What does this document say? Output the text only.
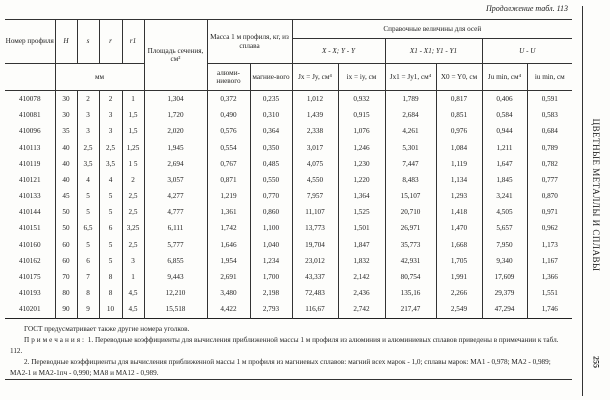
Продолжение табл. 113
Номер профиля	H	s	r	r1	Площадь сечения, см²	Масса 1 м профиля, кг, из сплава		Справочные величины для осей					
								X - X; Y - Y		X1 - X1; Y1 - Y1		U - U	
	мм					алюми-ниевого	магние-вого	Jx = Jy, см⁴	ix = iy, см	Jx1 = Jy1, см⁴	X0 = Y0, см	Ju min, см⁴	iu min, см
410078	30	2	2	1	1,304	0,372	0,235	1,012	0,932	1,789	0,817	0,406	0,591
410081	30	3	3	1,5	1,720	0,490	0,310	1,439	0,915	2,684	0,851	0,584	0,583
410096	35	3	3	1,5	2,020	0,576	0,364	2,338	1,076	4,261	0,976	0,944	0,684
410113	40	2,5	2,5	1,25	1,945	0,554	0,350	3,017	1,246	5,301	1,084	1,211	0,789
410119	40	3,5	3,5	1 5	2,694	0,767	0,485	4,075	1,230	7,447	1,119	1,647	0,782
410121	40	4	4	2	3,057	0,871	0,550	4,550	1,220	8,483	1,134	1,845	0,777
410133	45	5	5	2,5	4,277	1,219	0,770	7,957	1,364	15,107	1,293	3,241	0,870
410144	50	5	5	2,5	4,777	1,361	0,860	11,107	1,525	20,710	1,418	4,505	0,971
410151	50	6,5	6	3,25	6,111	1,742	1,100	13,773	1,501	26,971	1,470	5,657	0,962
410160	60	5	5	2,5	5,777	1,646	1,040	19,704	1,847	35,773	1,668	7,950	1,173
410162	60	6	5	3	6,855	1,954	1,234	23,012	1,832	42,931	1,705	9,340	1,167
410175	70	7	8	1	9,443	2,691	1,700	43,337	2,142	80,754	1,991	17,609	1,366
410193	80	8	8	4,5	12,210	3,480	2,198	72,483	2,436	135,16	2,266	29,379	1,551
410201	90	9	10	4,5	15,518	4,422	2,793	116,67	2,742	217,47	2,549	47,294	1,746

ГОСТ предусматривает также другие номера уголков.

Примечания: 1. Переводные коэффициенты для вычисления приближенной массы 1 м профиля из алюминия и алюминиевых сплавов приведены в примечании к табл. 112.

2. Переводные коэффициенты для вычисления приближенной массы 1 м профиля из магниевых сплавов: магний всех марок - 1,0; сплавы марок: МА1 - 0,978; МА2 - 0,989; МА2-1 и МА2-1пч - 0,990; МА8 и МА12 - 0,989.

ЦВЕТНЫЕ МЕТАЛЛЫ И СПЛАВЫ
255
